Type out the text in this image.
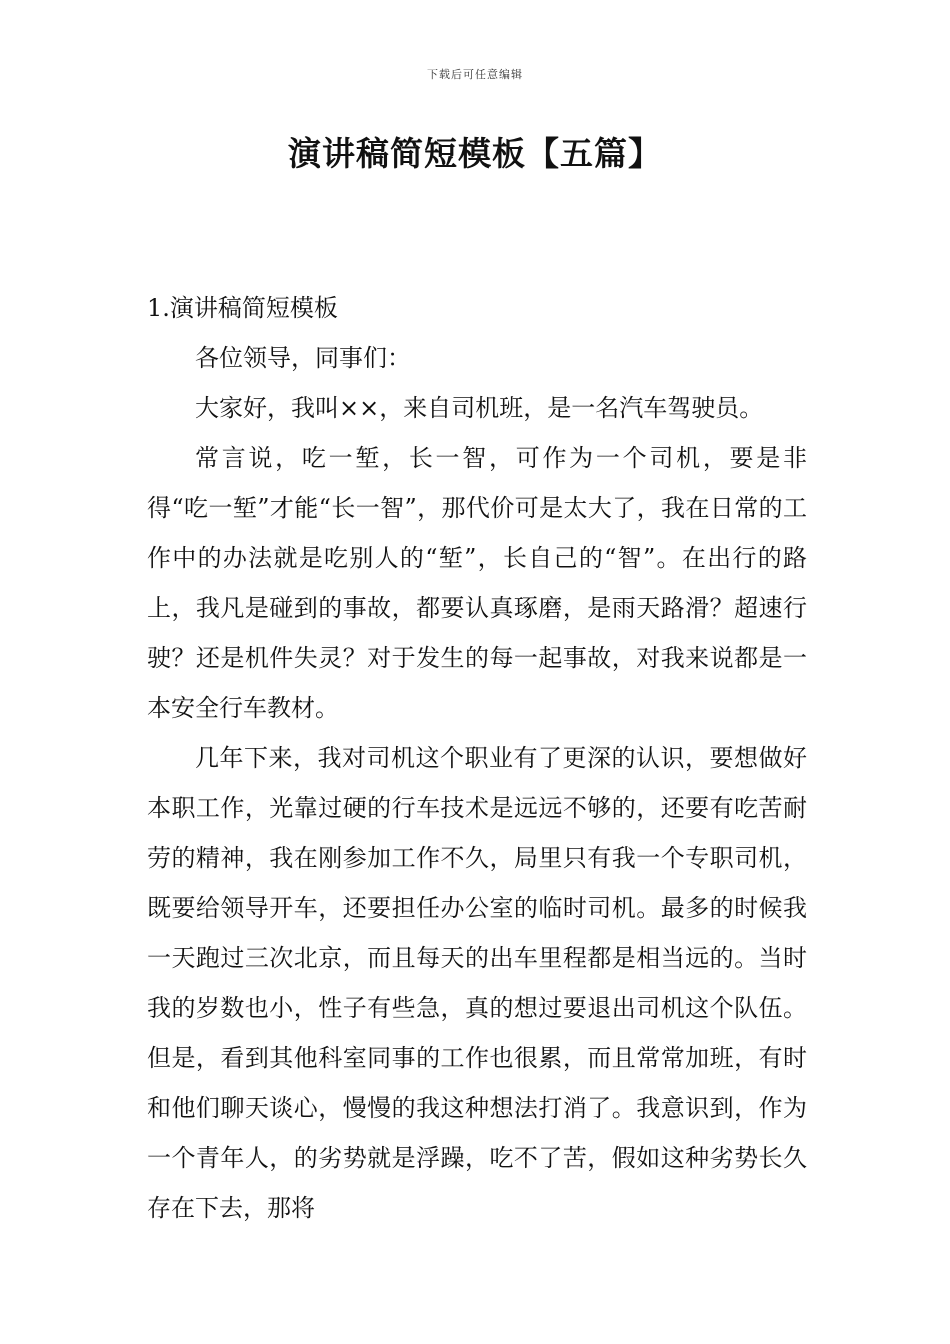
下载后可任意编辑
演讲稿简短模板【五篇】
1.演讲稿简短模板

各位领导，同事们：

大家好，我叫××，来自司机班，是一名汽车驾驶员。

常言说，吃一堑，长一智，可作为一个司机，要是非得“吃一堑”才能“长一智”，那代价可是太大了，我在日常的工作中的办法就是吃别人的“堑”，长自己的“智”。在出行的路上，我凡是碰到的事故，都要认真琢磨，是雨天路滑？超速行驶？还是机件失灵？对于发生的每一起事故，对我来说都是一本安全行车教材。

几年下来，我对司机这个职业有了更深的认识，要想做好本职工作，光靠过硬的行车技术是远远不够的，还要有吃苦耐劳的精神，我在刚参加工作不久，局里只有我一个专职司机，既要给领导开车，还要担任办公室的临时司机。最多的时候我一天跑过三次北京，而且每天的出车里程都是相当远的。当时我的岁数也小，性子有些急，真的想过要退出司机这个队伍。但是，看到其他科室同事的工作也很累，而且常常加班，有时和他们聊天谈心，慢慢的我这种想法打消了。我意识到，作为一个青年人，的劣势就是浮躁，吃不了苦，假如这种劣势长久存在下去，那将
